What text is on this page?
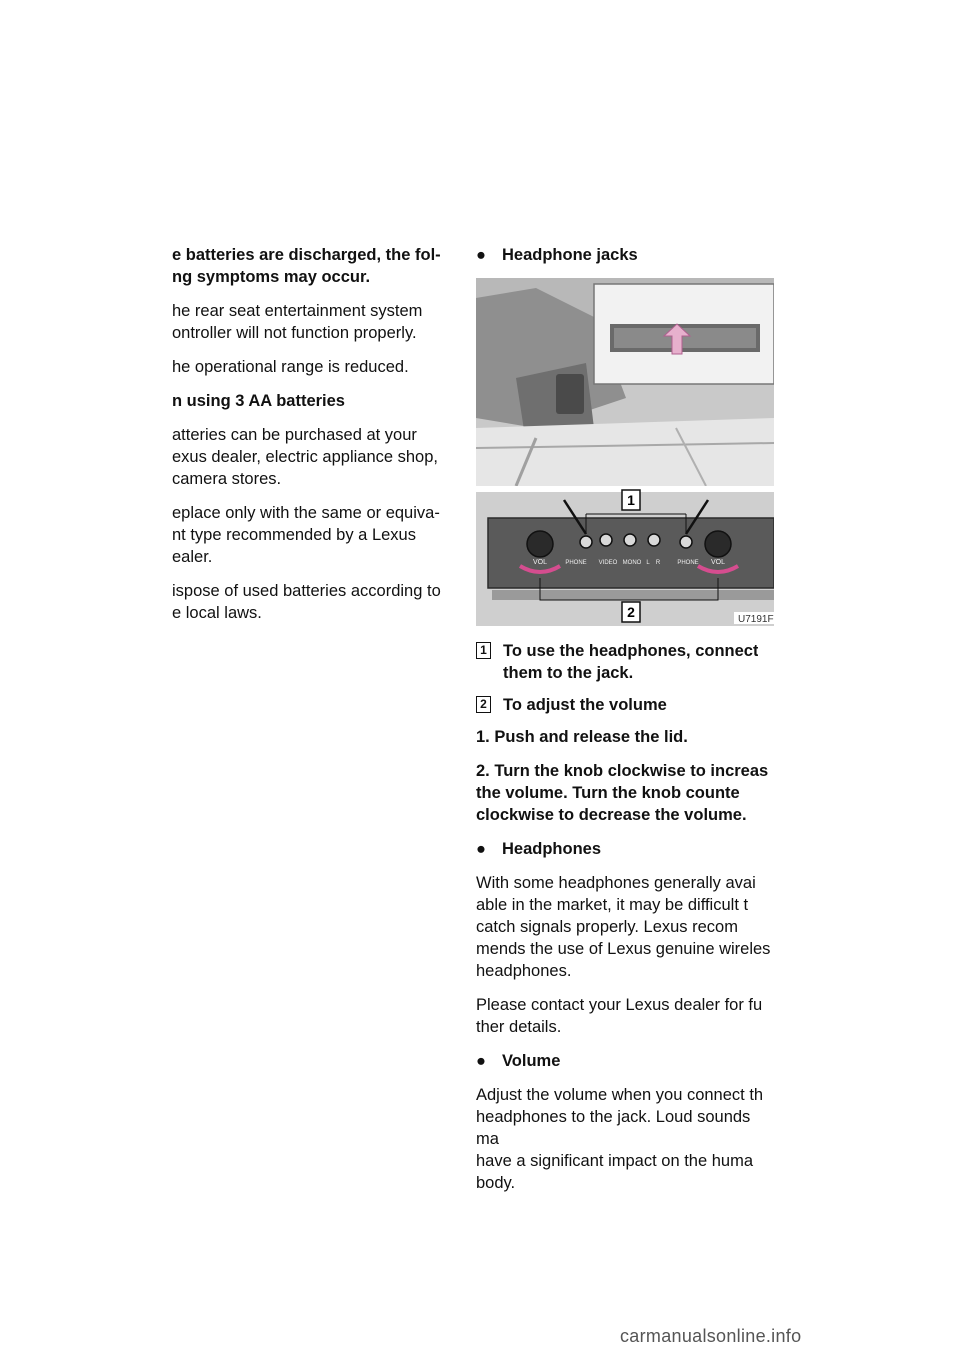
e batteries are discharged, the fol-
ng symptoms may occur.

he rear seat entertainment system
ontroller will not function properly.

he operational range is reduced.

n using 3 AA batteries

atteries can be purchased at your
exus dealer, electric appliance shop,
camera stores.

eplace only with the same or equiva-
nt type recommended by a Lexus
ealer.

ispose of used batteries according to
e local laws.

● Headphone jacks
1
2
VOL	PHONE VIDEO MONO L R	PHONE VOL
U7191F
1 To use the headphones, connect
them to the jack.
2 To adjust the volume

1. Push and release the lid.

2. Turn the knob clockwise to increas
the volume. Turn the knob counte
clockwise to decrease the volume.

● Headphones

With some headphones generally avai
able in the market, it may be difficult t
catch signals properly. Lexus recom
mends the use of Lexus genuine wireles
headphones.

Please contact your Lexus dealer for fu
ther details.

● Volume

Adjust the volume when you connect th
headphones to the jack. Loud sounds ma
have a significant impact on the huma
body.

carmanualsonline.info
